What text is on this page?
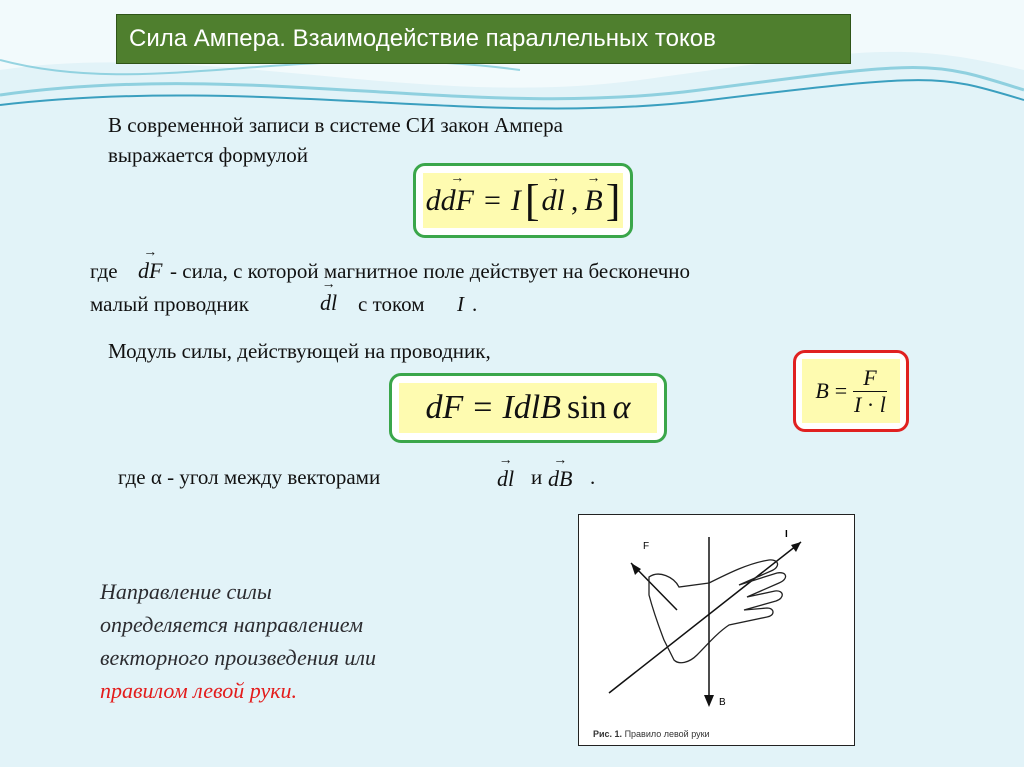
Сила Ампера. Взаимодействие параллельных токов
В современной записи в системе СИ закон Ампера
выражается формулой
d → dF = I [ → dl , → B ]
где → dF - сила, с которой магнитное поле действует на бесконечно
малый проводник	→ dl с током I .
Модуль силы, действующей на проводник,
dF = IdlB sin α	$B = \frac{F}{I \cdot l}$
где α - угол между векторами	→ dl и → dB .
Направление силы
определяется направлением
векторного произведения или
правилом левой руки.
F
I
B
Рис. 1. Правило левой руки
